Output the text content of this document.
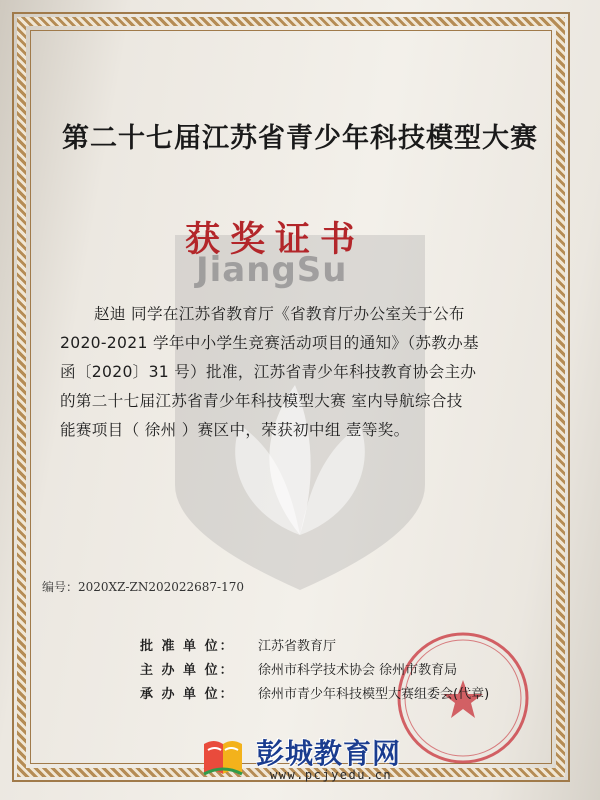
JiangSu
第二十七届江苏省青少年科技模型大赛
获奖证书
赵迪 同学在江苏省教育厅《省教育厅办公室关于公布
2020-2021 学年中小学生竞赛活动项目的通知》（苏教办基
函〔2020〕31 号）批准，江苏省青少年科技教育协会主办
的第二十七届江苏省青少年科技模型大赛 室内导航综合技
能赛项目（ 徐州 ）赛区中，荣获初中组 壹等奖。
编号：2020XZ-ZN202022687-170
批 准 单 位：	江苏省教育厅
主 办 单 位：	徐州市科学技术协会 徐州市教育局
承 办 单 位：	徐州市青少年科技模型大赛组委会(代章)
彭城教育网
www.pcjyedu.cn
